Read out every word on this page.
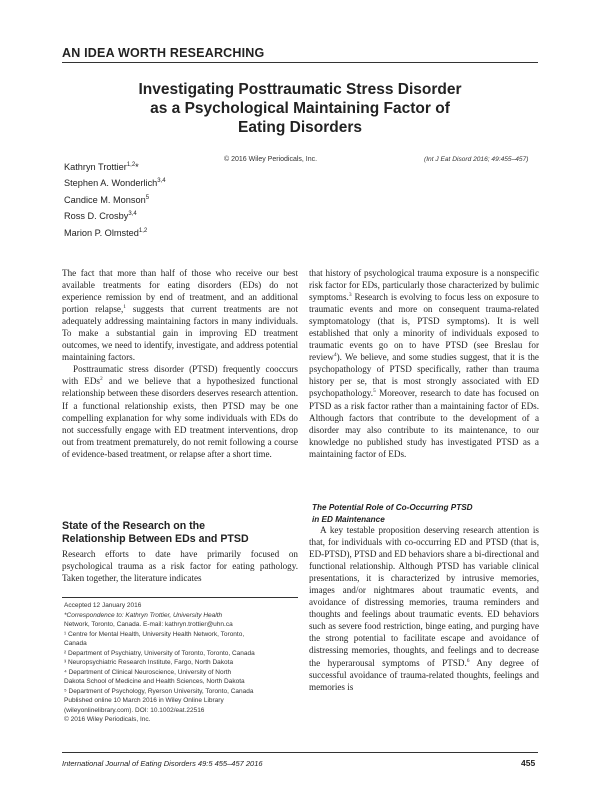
AN IDEA WORTH RESEARCHING
Investigating Posttraumatic Stress Disorder
as a Psychological Maintaining Factor of
Eating Disorders
Kathryn Trottier$^{1,2}$*
Stephen A. Wonderlich$^{3,4}$
Candice M. Monson$^5$
Ross D. Crosby$^{3,4}$
Marion P. Olmsted$^{1,2}$
© 2016 Wiley Periodicals, Inc.	(Int J Eat Disord 2016; 49:455–457)

The fact that more than half of those who receive our best available treatments for eating disorders (EDs) do not experience remission by end of treatment, and an additional portion relapse,$^1$ suggests that current treatments are not adequately addressing maintaining factors in many individuals. To make a substantial gain in improving ED treatment outcomes, we need to identify, investigate, and address potential maintaining factors.

Posttraumatic stress disorder (PTSD) frequently cooccurs with EDs$^2$ and we believe that a hypothesized functional relationship between these disorders deserves research attention. If a functional relationship exists, then PTSD may be one compelling explanation for why some individuals with EDs do not successfully engage with ED treatment interventions, drop out from treatment prematurely, do not remit following a course of evidence-based treatment, or relapse after a short time.

State of the Research on the
Relationship Between EDs and PTSD

Research efforts to date have primarily focused on psychological trauma as a risk factor for eating pathology. Taken together, the literature indicates

Accepted 12 January 2016
*Correspondence to: Kathryn Trottier, University Health
Network, Toronto, Canada. E-mail: kathryn.trottier@uhn.ca
¹ Centre for Mental Health, University Health Network, Toronto,
Canada
² Department of Psychiatry, University of Toronto, Toronto, Canada
³ Neuropsychiatric Research Institute, Fargo, North Dakota
⁴ Department of Clinical Neuroscience, University of North
Dakota School of Medicine and Health Sciences, North Dakota
⁵ Department of Psychology, Ryerson University, Toronto, Canada
Published online 10 March 2016 in Wiley Online Library
(wileyonlinelibrary.com). DOI: 10.1002/eat.22516
© 2016 Wiley Periodicals, Inc.

that history of psychological trauma exposure is a nonspecific risk factor for EDs, particularly those characterized by bulimic symptoms.$^3$ Research is evolving to focus less on exposure to traumatic events and more on consequent trauma-related symptomatology (that is, PTSD symptoms). It is well established that only a minority of individuals exposed to traumatic events go on to have PTSD (see Breslau for review$^4$). We believe, and some studies suggest, that it is the psychopathology of PTSD specifically, rather than trauma history per se, that is most strongly associated with ED psychopathology.$^5$ Moreover, research to date has focused on PTSD as a risk factor rather than a maintaining factor of EDs. Although factors that contribute to the development of a disorder may also contribute to its maintenance, to our knowledge no published study has investigated PTSD as a maintaining factor of EDs.

The Potential Role of Co-Occurring PTSD
in ED Maintenance

A key testable proposition deserving research attention is that, for individuals with co-occurring ED and PTSD (that is, ED-PTSD), PTSD and ED behaviors share a bi-directional and functional relationship. Although PTSD has variable clinical presentations, it is characterized by intrusive memories, images and/or nightmares about traumatic events, and avoidance of distressing memories, trauma reminders and thoughts and feelings about traumatic events. ED behaviors such as severe food restriction, binge eating, and purging have the strong potential to facilitate escape and avoidance of distressing memories, thoughts, and feelings and to decrease the hyperarousal symptoms of PTSD.$^6$ Any degree of successful avoidance of trauma-related thoughts, feelings and memories is

International Journal of Eating Disorders 49:5 455–457 2016	455
